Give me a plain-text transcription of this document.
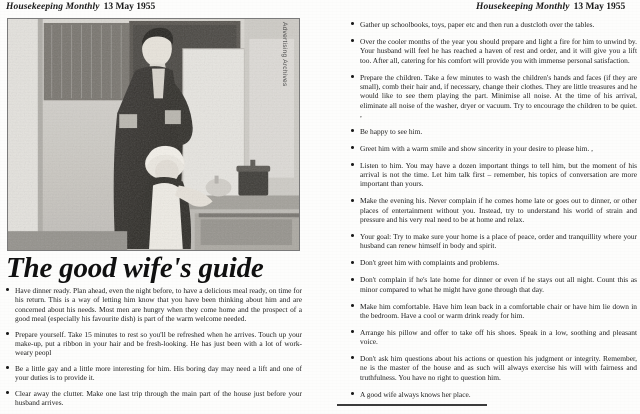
Housekeeping Monthly 13 May 1955	Housekeeping Monthly 13 May 1955
Advertising Archives
The good wife's guide
Have dinner ready. Plan ahead, even the night before, to have a delicious meal ready, on time for his return. This is a way of letting him know that you have been thinking about him and are concerned about his needs. Most men are hungry when they come home and the prospect of a good meal (especially his favourite dish) is part of the warm welcome needed.
Prepare yourself. Take 15 minutes to rest so you'll be refreshed when he arrives. Touch up your make-up, put a ribbon in your hair and be fresh-looking. He has just been with a lot of work-weary peopl
Be a little gay and a little more interesting for him. His boring day may need a lift and one of your duties is to provide it.
Clear away the clutter. Make one last trip through the main part of the house just before your husband arrives.
Gather up schoolbooks, toys, paper etc and then run a dustcloth over the tables.
Over the cooler months of the year you should prepare and light a fire for him to unwind by. Your husband will feel he has reached a haven of rest and order, and it will give you a lift too. After all, catering for his comfort will provide you with immense personal satisfaction.
Prepare the children. Take a few minutes to wash the children's hands and faces (if they are small), comb their hair and, if necessary, change their clothes. They are little treasures and he would like to see them playing the part. Minimise all noise. At the time of his arrival, eliminate all noise of the washer, dryer or vacuum. Try to encourage the children to be quiet. ,
Be happy to see him.
Greet him with a warm smile and show sincerity in your desire to please him. ,
Listen to him. You may have a dozen important things to tell him, but the moment of his arrival is not the time. Let him talk first – remember, his topics of conversation are more important than yours.
Make the evening his. Never complain if he comes home late or goes out to dinner, or other places of entertainment without you. Instead, try to understand his world of strain and pressure and his very real need to be at home and relax.
Your goal: Try to make sure your home is a place of peace, order and tranquillity where your husband can renew himself in body and spirit.
Don't greet him with complaints and problems.
Don't complain if he's late home for dinner or even if he stays out all night. Count this as minor compared to what he might have gone through that day.
Make him comfortable. Have him lean back in a comfortable chair or have him lie down in the bedroom. Have a cool or warm drink ready for him.
Arrange his pillow and offer to take off his shoes. Speak in a low, soothing and pleasant voice.
Don't ask him questions about his actions or question his judgment or integrity. Remember, ne is the master of the house and as such will always exercise his will with fairness and truthfulness. You have no right to question him.
A good wife always knows her place.
